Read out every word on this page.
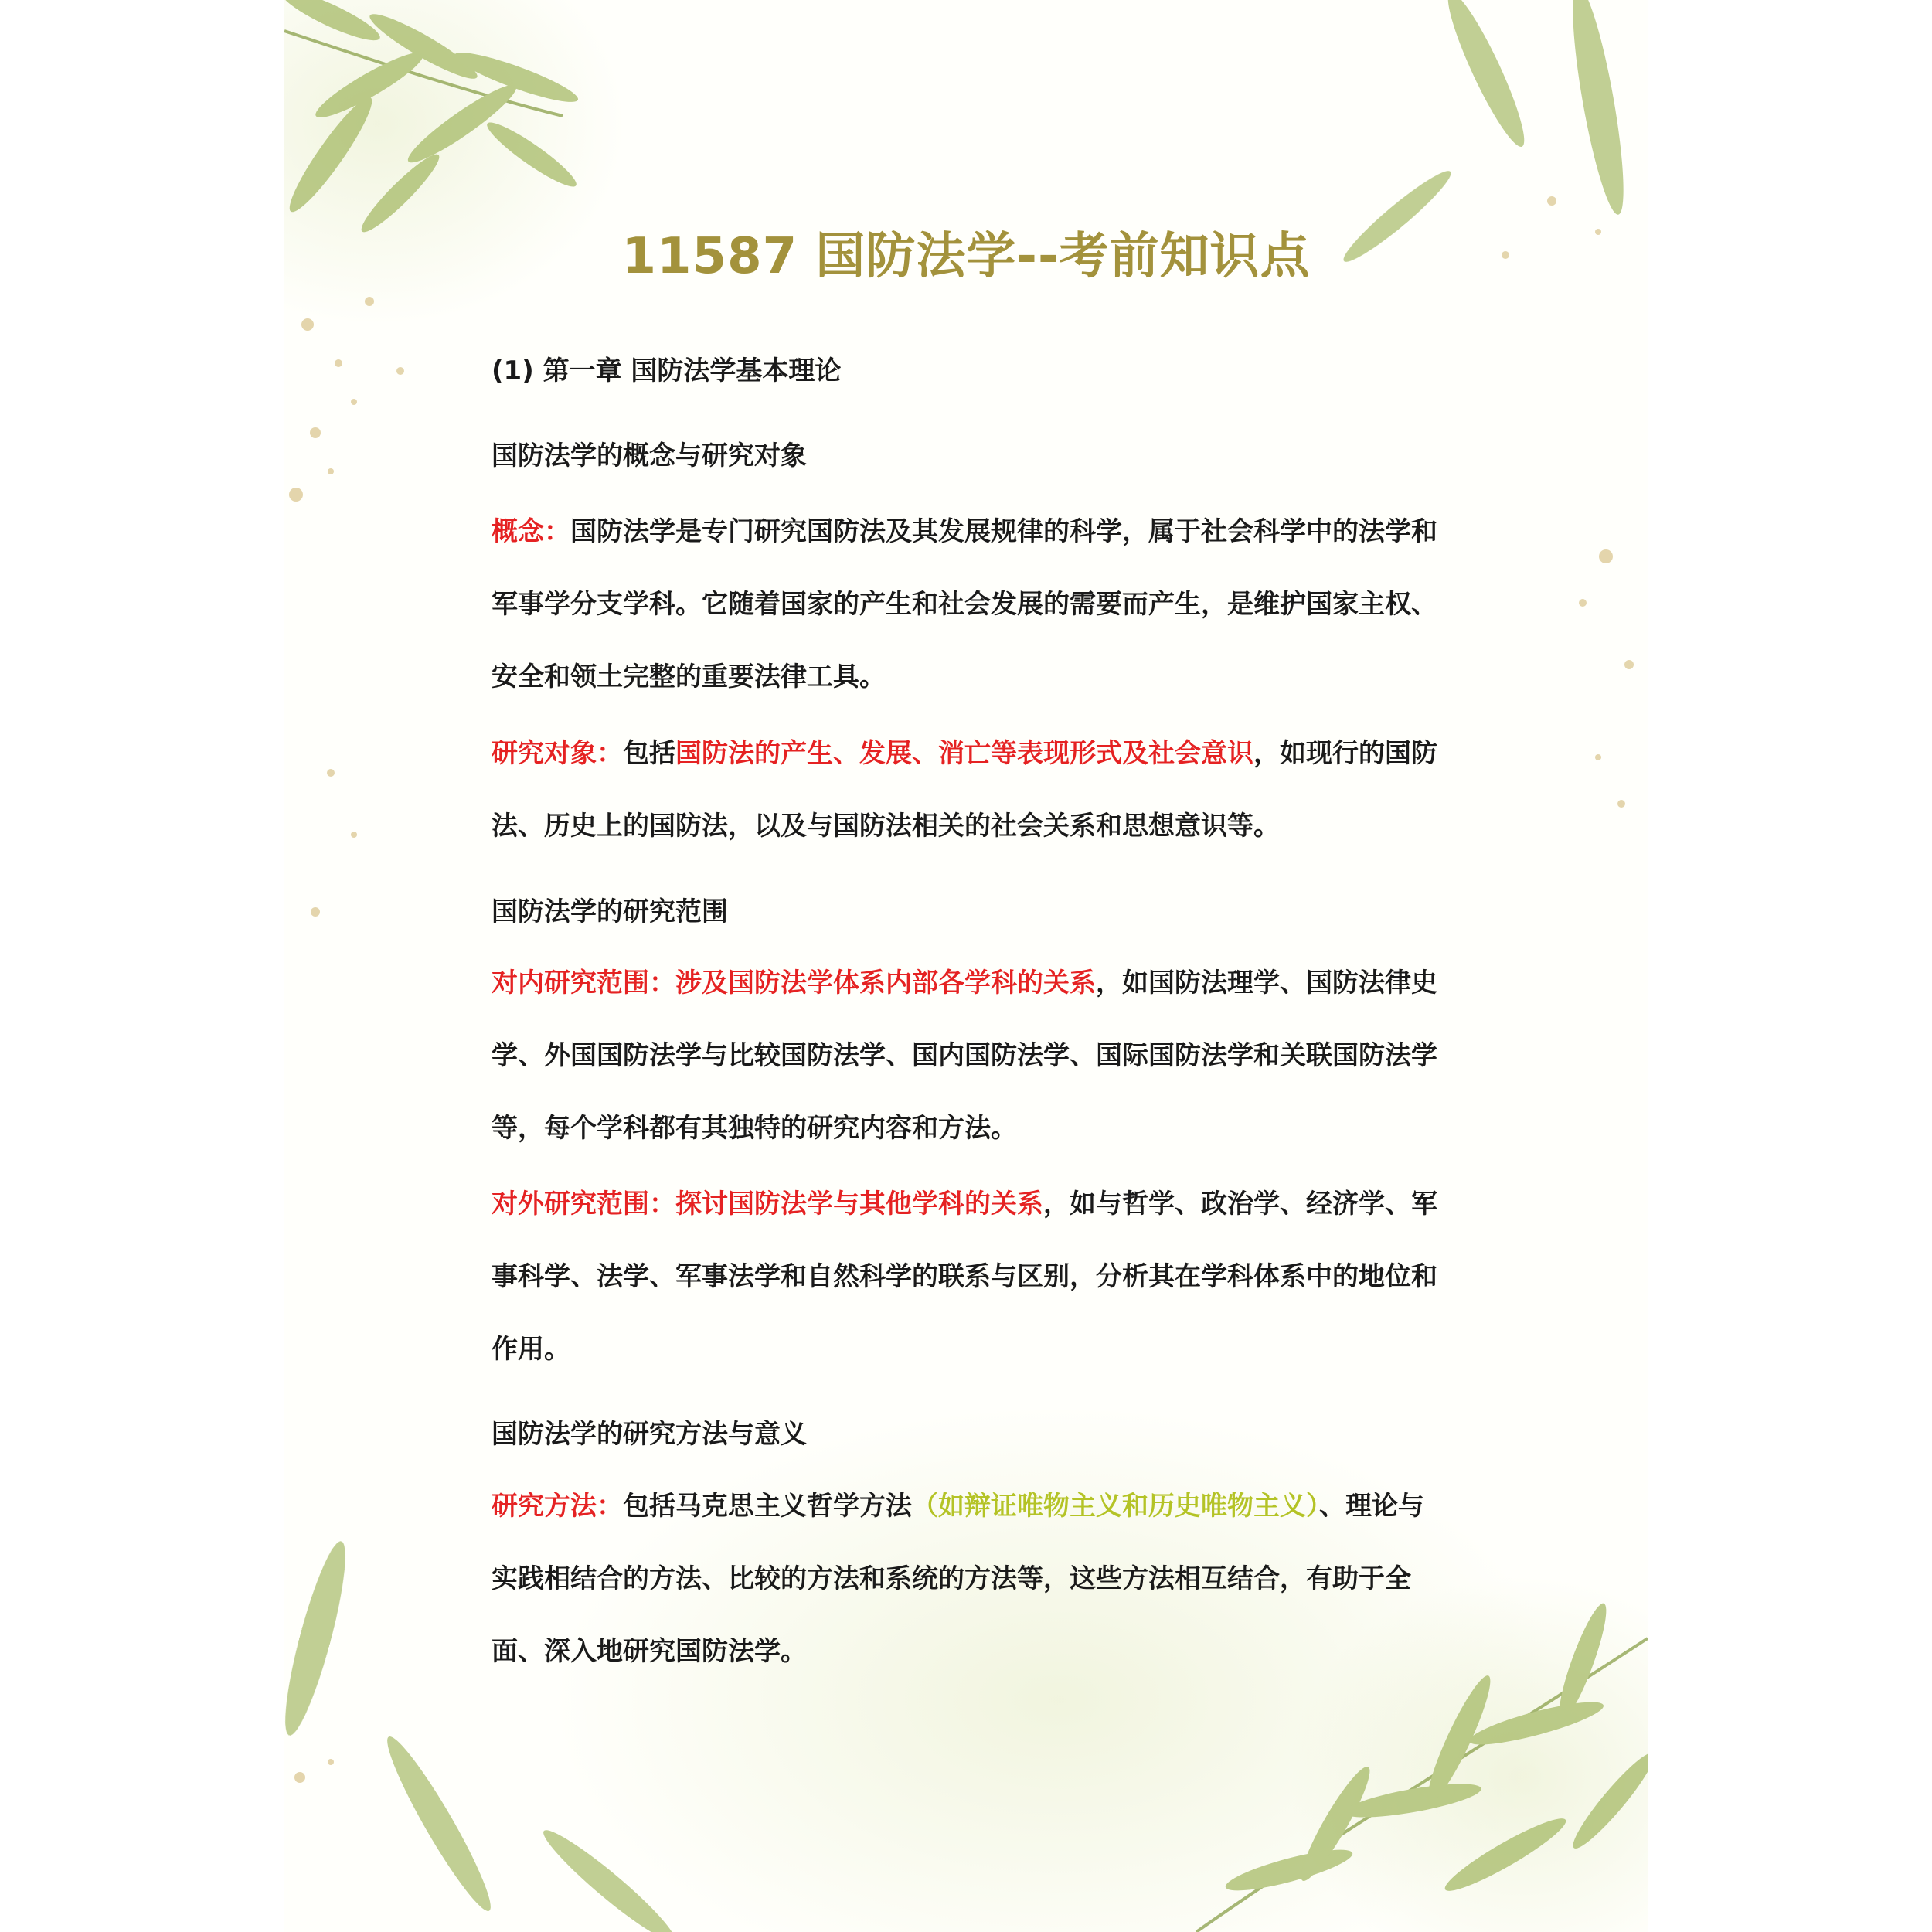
11587 国防法学--考前知识点
(1) 第一章 国防法学基本理论
国防法学的概念与研究对象
概念：国防法学是专门研究国防法及其发展规律的科学，属于社会科学中的法学和军事学分支学科。它随着国家的产生和社会发展的需要而产生，是维护国家主权、安全和领土完整的重要法律工具。
研究对象：包括国防法的产生、发展、消亡等表现形式及社会意识，如现行的国防法、历史上的国防法，以及与国防法相关的社会关系和思想意识等。
国防法学的研究范围
对内研究范围：涉及国防法学体系内部各学科的关系，如国防法理学、国防法律史学、外国国防法学与比较国防法学、国内国防法学、国际国防法学和关联国防法学等，每个学科都有其独特的研究内容和方法。
对外研究范围：探讨国防法学与其他学科的关系，如与哲学、政治学、经济学、军事科学、法学、军事法学和自然科学的联系与区别，分析其在学科体系中的地位和作用。
国防法学的研究方法与意义
研究方法：包括马克思主义哲学方法（如辩证唯物主义和历史唯物主义）、理论与实践相结合的方法、比较的方法和系统的方法等，这些方法相互结合，有助于全面、深入地研究国防法学。
